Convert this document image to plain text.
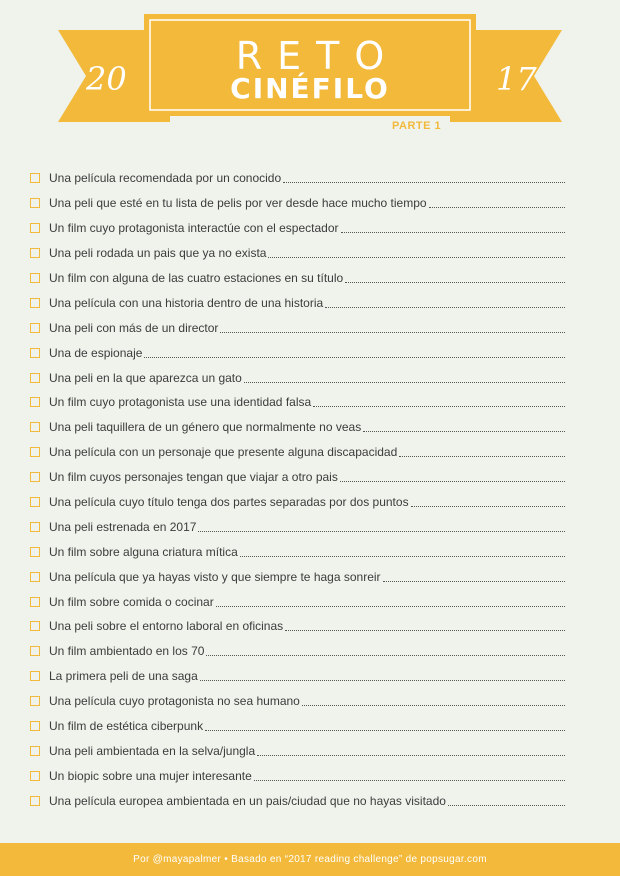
20	17
RETO
CINÉFILO
PARTE 1
Una película recomendada por un conocido
Una peli que esté en tu lista de pelis por ver desde hace mucho tiempo
Un film cuyo protagonista interactúe con el espectador
Una peli rodada un pais que ya no exista
Un film con alguna de las cuatro estaciones en su título
Una película con una historia dentro de una historia
Una peli con más de un director
Una de espionaje
Una peli en la que aparezca un gato
Un film cuyo protagonista use una identidad falsa
Una peli taquillera de un género que normalmente no veas
Una película con un personaje que presente alguna discapacidad
Un film cuyos personajes tengan que viajar a otro pais
Una película cuyo título tenga dos partes separadas por dos puntos
Una peli estrenada en 2017
Un film sobre alguna criatura mítica
Una película que ya hayas visto y que siempre te haga sonreir
Un film sobre comida o cocinar
Una peli sobre el entorno laboral en oficinas
Un film ambientado en los 70
La primera peli de una saga
Una película cuyo protagonista no sea humano
Un film de estética ciberpunk
Una peli ambientada en la selva/jungla
Un biopic sobre una mujer interesante
Una película europea ambientada en un pais/ciudad que no hayas visitado
Por @mayapalmer • Basado en “2017 reading challenge” de popsugar.com
